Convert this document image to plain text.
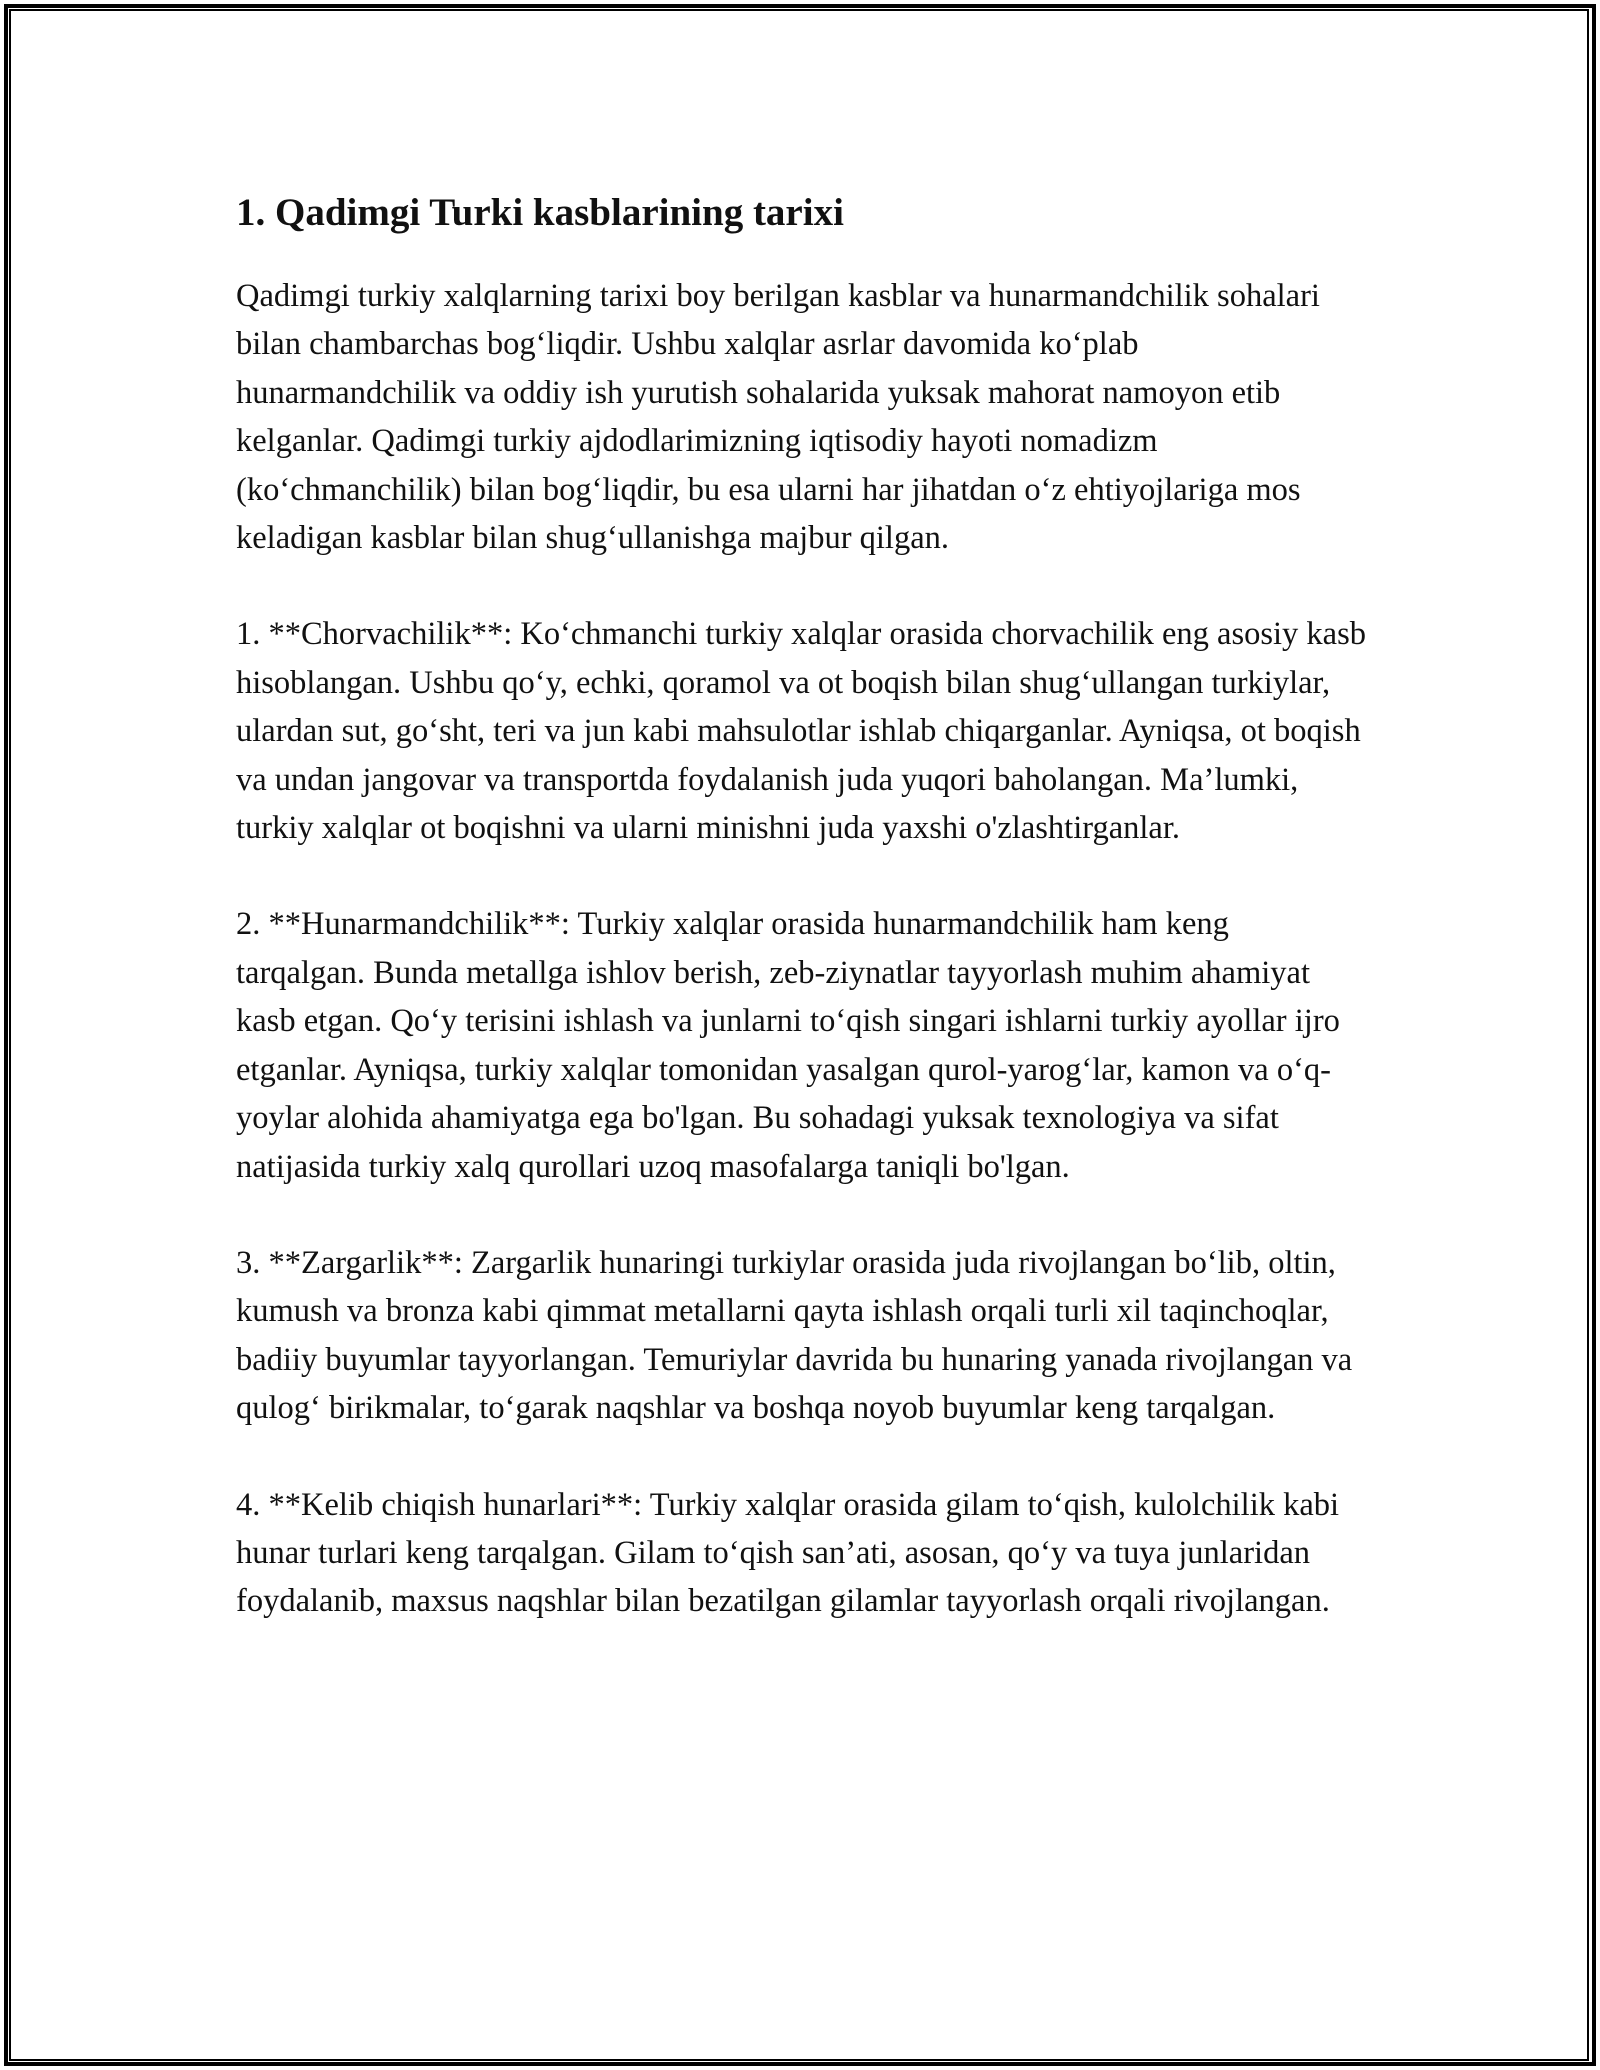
1. Qadimgi Turki kasblarining tarixi

Qadimgi turkiy xalqlarning tarixi boy berilgan kasblar va hunarmandchilik sohalari bilan chambarchas bog‘liqdir. Ushbu xalqlar asrlar davomida ko‘plab hunarmandchilik va oddiy ish yurutish sohalarida yuksak mahorat namoyon etib kelganlar. Qadimgi turkiy ajdodlarimizning iqtisodiy hayoti nomadizm (ko‘chmanchilik) bilan bog‘liqdir, bu esa ularni har jihatdan o‘z ehtiyojlariga mos keladigan kasblar bilan shug‘ullanishga majbur qilgan.

1. **Chorvachilik**: Ko‘chmanchi turkiy xalqlar orasida chorvachilik eng asosiy kasb hisoblangan. Ushbu qo‘y, echki, qoramol va ot boqish bilan shug‘ullangan turkiylar, ulardan sut, go‘sht, teri va jun kabi mahsulotlar ishlab chiqarganlar. Ayniqsa, ot boqish va undan jangovar va transportda foydalanish juda yuqori baholangan. Ma’lumki, turkiy xalqlar ot boqishni va ularni minishni juda yaxshi o'zlashtirganlar.

2. **Hunarmandchilik**: Turkiy xalqlar orasida hunarmandchilik ham keng tarqalgan. Bunda metallga ishlov berish, zeb-ziynatlar tayyorlash muhim ahamiyat kasb etgan. Qo‘y terisini ishlash va junlarni to‘qish singari ishlarni turkiy ayollar ijro etganlar. Ayniqsa, turkiy xalqlar tomonidan yasalgan qurol-yarog‘lar, kamon va o‘q-yoylar alohida ahamiyatga ega bo'lgan. Bu sohadagi yuksak texnologiya va sifat natijasida turkiy xalq qurollari uzoq masofalarga taniqli bo'lgan.

3. **Zargarlik**: Zargarlik hunaringi turkiylar orasida juda rivojlangan bo‘lib, oltin, kumush va bronza kabi qimmat metallarni qayta ishlash orqali turli xil taqinchoqlar, badiiy buyumlar tayyorlangan. Temuriylar davrida bu hunaring yanada rivojlangan va qulog‘ birikmalar, to‘garak naqshlar va boshqa noyob buyumlar keng tarqalgan.

4. **Kelib chiqish hunarlari**: Turkiy xalqlar orasida gilam to‘qish, kulolchilik kabi hunar turlari keng tarqalgan. Gilam to‘qish san’ati, asosan, qo‘y va tuya junlaridan foydalanib, maxsus naqshlar bilan bezatilgan gilamlar tayyorlash orqali rivojlangan.
